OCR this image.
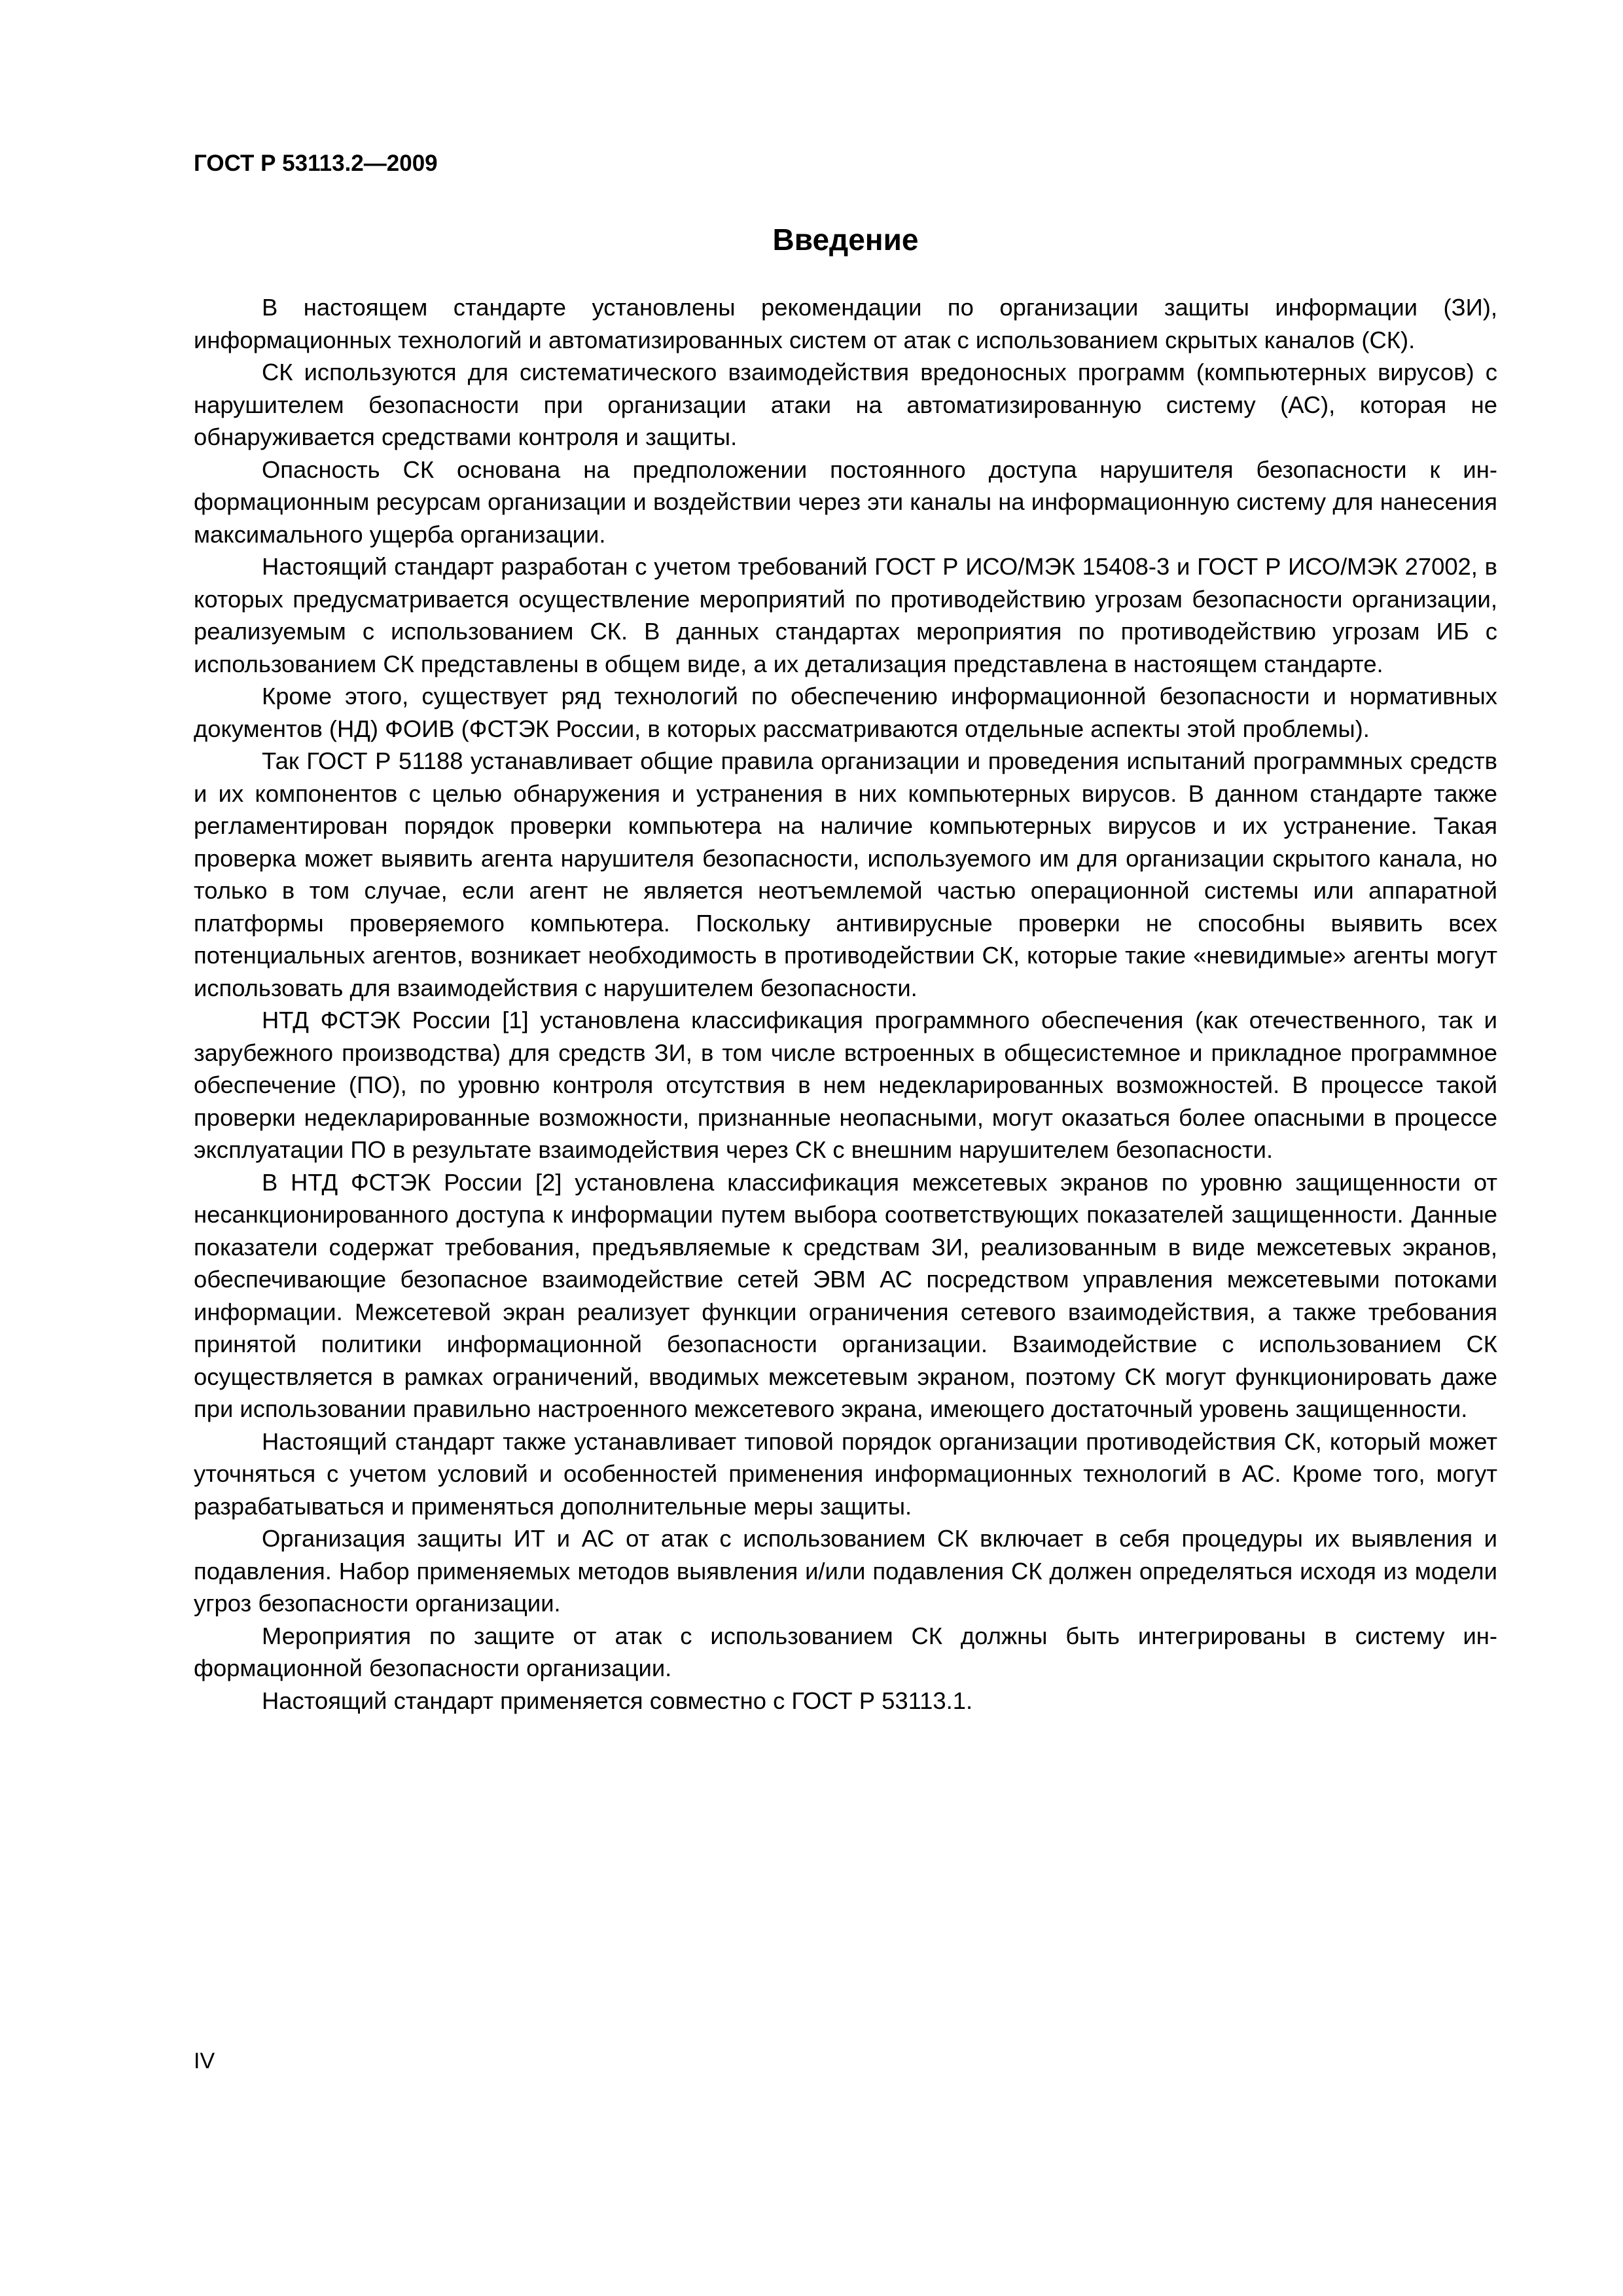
ГОСТ Р 53113.2—2009

Введение

В настоящем стандарте установлены рекомендации по организации защиты информации (ЗИ), информационных технологий и автоматизированных систем от атак с использованием скрытых каналов (СК).

СК используются для систематического взаимодействия вредоносных программ (компьютерных вирусов) с нарушителем безопасности при организации атаки на автоматизированную систему (АС), которая не обнаруживается средствами контроля и защиты.

Опасность СК основана на предположении постоянного доступа нарушителя безопасности к информационным ресурсам организации и воздействии через эти каналы на информационную систему для нанесения максимального ущерба организации.

Настоящий стандарт разработан с учетом требований ГОСТ Р ИСО/МЭК 15408-3 и ГОСТ Р ИСО/МЭК 27002, в которых предусматривается осуществление мероприятий по противодействию угрозам безопасности организации, реализуемым с использованием СК. В данных стандартах мероприятия по противодействию угрозам ИБ с использованием СК представлены в общем виде, а их детализация представлена в настоящем стандарте.

Кроме этого, существует ряд технологий по обеспечению информационной безопасности и нормативных документов (НД) ФОИВ (ФСТЭК России, в которых рассматриваются отдельные аспекты этой проблемы).

Так ГОСТ Р 51188 устанавливает общие правила организации и проведения испытаний программных средств и их компонентов с целью обнаружения и устранения в них компьютерных вирусов. В данном стандарте также регламентирован порядок проверки компьютера на наличие компьютерных вирусов и их устранение. Такая проверка может выявить агента нарушителя безопасности, используемого им для организации скрытого канала, но только в том случае, если агент не является неотъемлемой частью операционной системы или аппаратной платформы проверяемого компьютера. Поскольку антивирусные проверки не способны выявить всех потенциальных агентов, возникает необходимость в противодействии СК, которые такие «невидимые» агенты могут использовать для взаимодействия с нарушителем безопасности.

НТД ФСТЭК России [1] установлена классификация программного обеспечения (как отечественного, так и зарубежного производства) для средств ЗИ, в том числе встроенных в общесистемное и прикладное программное обеспечение (ПО), по уровню контроля отсутствия в нем недекларированных возможностей. В процессе такой проверки недекларированные возможности, признанные неопасными, могут оказаться более опасными в процессе эксплуатации ПО в результате взаимодействия через СК с внешним нарушителем безопасности.

В НТД ФСТЭК России [2] установлена классификация межсетевых экранов по уровню защищенности от несанкционированного доступа к информации путем выбора соответствующих показателей защищенности. Данные показатели содержат требования, предъявляемые к средствам ЗИ, реализованным в виде межсетевых экранов, обеспечивающие безопасное взаимодействие сетей ЭВМ АС посредством управления межсетевыми потоками информации. Межсетевой экран реализует функции ограничения сетевого взаимодействия, а также требования принятой политики информационной безопасности организации. Взаимодействие с использованием СК осуществляется в рамках ограничений, вводимых межсетевым экраном, поэтому СК могут функционировать даже при использовании правильно настроенного межсетевого экрана, имеющего достаточный уровень защищенности.

Настоящий стандарт также устанавливает типовой порядок организации противодействия СК, который может уточняться с учетом условий и особенностей применения информационных технологий в АС. Кроме того, могут разрабатываться и применяться дополнительные меры защиты.

Организация защиты ИТ и АС от атак с использованием СК включает в себя процедуры их выявления и подавления. Набор применяемых методов выявления и/или подавления СК должен определяться исходя из модели угроз безопасности организации.

Мероприятия по защите от атак с использованием СК должны быть интегрированы в систему информационной безопасности организации.

Настоящий стандарт применяется совместно с ГОСТ Р 53113.1.

IV
